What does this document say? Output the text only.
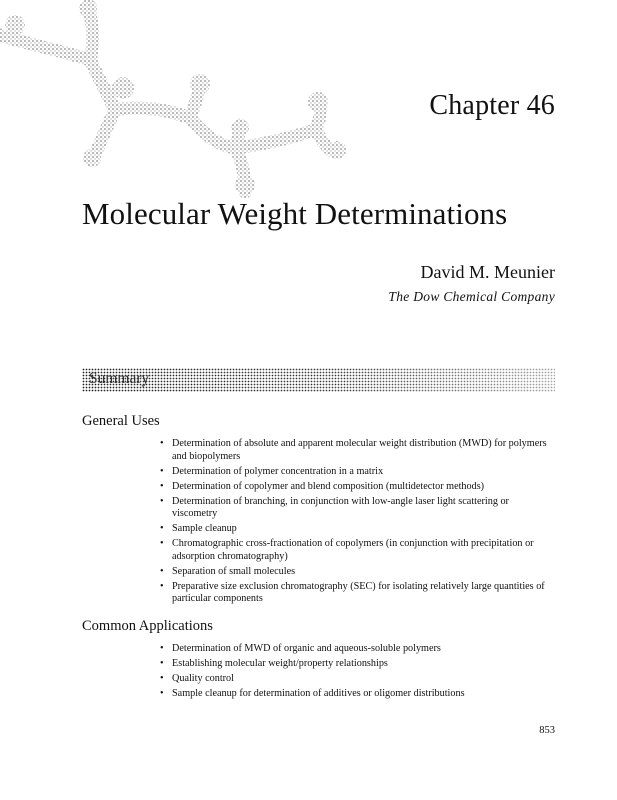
Chapter 46
Molecular Weight Determinations
David M. Meunier
The Dow Chemical Company
Summary
General Uses
• Determination of absolute and apparent molecular weight distribution (MWD) for polymers and biopolymers
• Determination of polymer concentration in a matrix
• Determination of copolymer and blend composition (multidetector methods)
• Determination of branching, in conjunction with low-angle laser light scattering or viscometry
• Sample cleanup
• Chromatographic cross-fractionation of copolymers (in conjunction with precipitation or adsorption chromatography)
• Separation of small molecules
• Preparative size exclusion chromatography (SEC) for isolating relatively large quantities of particular components
Common Applications
• Determination of MWD of organic and aqueous-soluble polymers
• Establishing molecular weight/property relationships
• Quality control
• Sample cleanup for determination of additives or oligomer distributions
853
